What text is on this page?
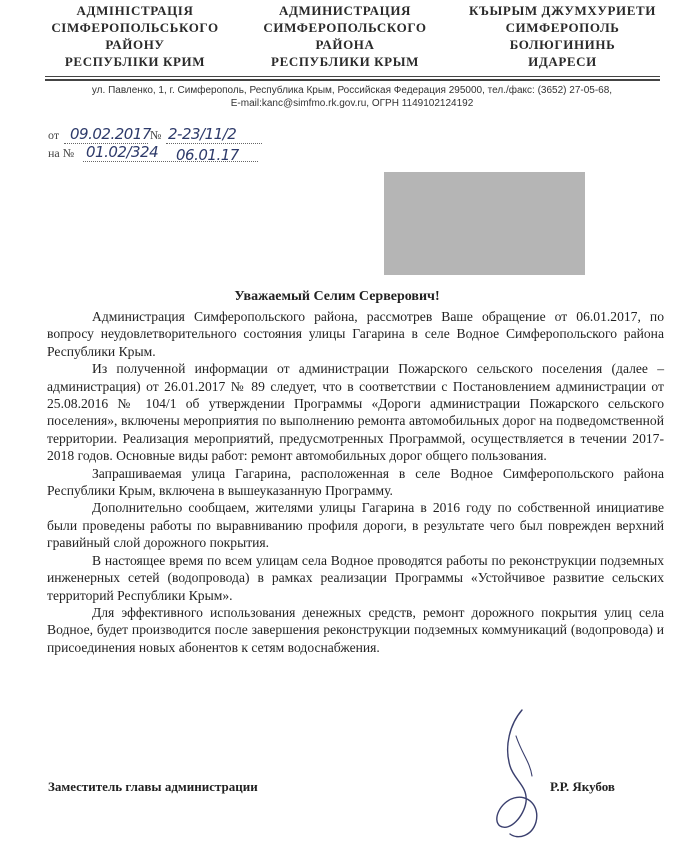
АДМІНІСТРАЦІЯ
СІМФЕРОПОЛЬСЬКОГО
РАЙОНУ
РЕСПУБЛІКИ КРИМ
АДМИНИСТРАЦИЯ
СИМФЕРОПОЛЬСКОГО
РАЙОНА
РЕСПУБЛИКИ КРЫМ
КЪЫРЫМ ДЖУМХУРИЕТИ
СИМФЕРОПОЛЬ
БОЛЮГИНИНЬ
ИДАРЕСИ
ул. Павленко, 1, г. Симферополь, Республика Крым, Российская Федерация 295000, тел./факс: (3652) 27-05-68,
E-mail:kanc@simfmo.rk.gov.ru, ОГРН 1149102124192
от 09.02.2017 № 2-23/11/2
на № 01.02/324 06.01.17
Уважаемый Селим Серверович!

Администрация Симферопольского района, рассмотрев Ваше обращение от 06.01.2017, по вопросу неудовлетворительного состояния улицы Гагарина в селе Водное Симферопольского района Республики Крым.

Из полученной информации от администрации Пожарского сельского поселения (далее – администрация) от 26.01.2017 № 89 следует, что в соответствии с Постановлением администрации от 25.08.2016 № 104/1 об утверждении Программы «Дороги администрации Пожарского сельского поселения», включены мероприятия по выполнению ремонта автомобильных дорог на подведомственной территории. Реализация мероприятий, предусмотренных Программой, осуществляется в течении 2017-2018 годов. Основные виды работ: ремонт автомобильных дорог общего пользования.

Запрашиваемая улица Гагарина, расположенная в селе Водное Симферопольского района Республики Крым, включена в вышеуказанную Программу.

Дополнительно сообщаем, жителями улицы Гагарина в 2016 году по собственной инициативе были проведены работы по выравниванию профиля дороги, в результате чего был поврежден верхний гравийный слой дорожного покрытия.

В настоящее время по всем улицам села Водное проводятся работы по реконструкции подземных инженерных сетей (водопровода) в рамках реализации Программы «Устойчивое развитие сельских территорий Республики Крым».

Для эффективного использования денежных средств, ремонт дорожного покрытия улиц села Водное, будет производится после завершения реконструкции подземных коммуникаций (водопровода) и присоединения новых абонентов к сетям водоснабжения.

Заместитель главы администрации	Р.Р. Якубов
